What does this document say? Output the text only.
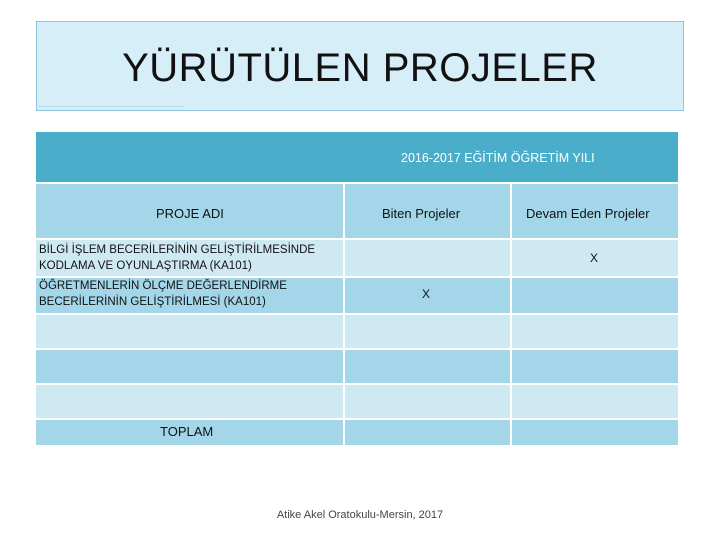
YÜRÜTÜLEN PROJELER
2016-2017 EĞİTİM ÖĞRETİM YILI
PROJE ADI	Biten Projeler	Devam Eden Projeler
BİLGİ İŞLEM BECERİLERİNİN GELİŞTİRİLMESİNDE KODLAMA VE OYUNLAŞTIRMA (KA101)
ÖĞRETMENLERİN ÖLÇME DEĞERLENDİRME BECERİLERİNİN GELİŞTİRİLMESİ (KA101)
X
X
TOPLAM
Atike Akel Oratokulu-Mersin, 2017
